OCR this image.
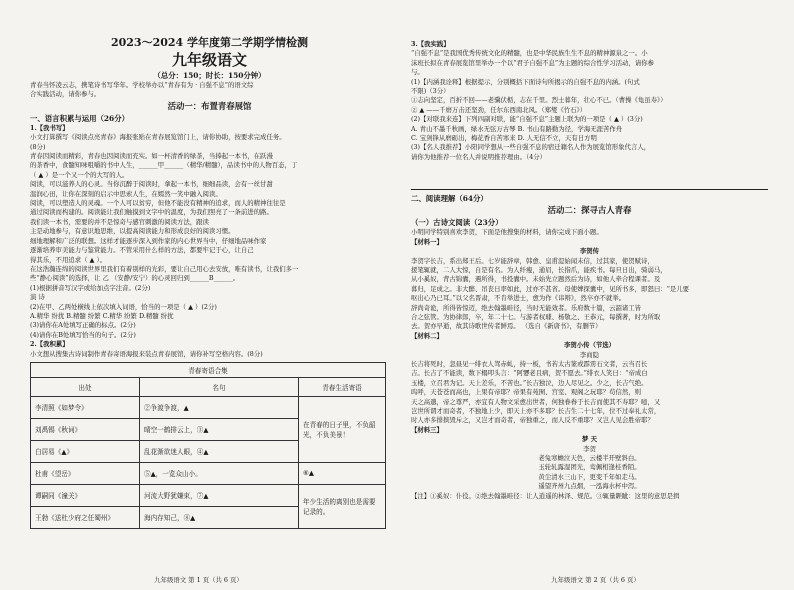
2023～2024 学年度第二学期学情检测
九年级语文
（总分：150；时长：150分钟）
青春当怀凌云志，携笔诗书写华年。学校举办以“青春有为 · 自强不息”的语文综
合实践活动，请你参与。
活动一：布置青春展馆
一、语言积累与运用（26分）
1.【我书写】
小文打算撰写《阅读点亮青春》海报张贴在青春展览馆门上，请你协助，按要求完成任务。
(8分)
青春因阅读而精彩，青春也因阅读而充实。如一杯清香的绿茶，当捧起一本书，在跃漫
的茶香中，食髓知味咀嚼的书中人生，______甲______（精华/精髓），品读书中的人物百态，丁
（ ▲ ）是一个又一个的大写的人。
阅读，可以滋养人的心灵。当你沉醉于阅读时，拿起一本书，细细品读，会有一丝甘甜
温润心田，让你在深刻的启示中思索人生，在嫣然一笑中融入阅读。
阅读，可以塑造人的灵魂。一个人可以贫穷，但他不能没有精神的追求，而人的精神往往是
通过阅读而构建的。阅读能让我们触摸到文字中的温度，为我们照亮了一条前进的路。
我们读一本书，需要的并不是惊奇与感官刺激的阅读方法，跟读
主是动地参与，有意识地思维，以提高阅读能力和形成良好的阅读习惯。
细地理解和广泛的联想。这样才能逐步深入到作家的内心世界当中，仔细地品味作家
逐渐培养审美能力与鉴赏能力。不管采用什么样的方法，都要牢记于心，让自己
得其乐，不用追求（ ▲ ）。
在这浩瀚连绵的阅读世界里我们有着别样的光彩，要让自己用心去安放，唯有读书，让我们多一
些“静心阅读”的选择，让 乙 （安静/安宁）的心灵回归到______B______。
(1)根据拼音写汉字或给加点字注音。(2分)
演 诗
(2)在甲、乙两处横线上依次填入词语，恰当的一项是（ ▲ ）(2分)
A.精华 纷扰 B.精髓 纷繁 C.精华 纷繁 D.精髓 纷扰
(3)请你在A处填写正确的标点。(2分)
(4)请你在B处填写恰当的句子。(2分)
2.【我积累】
小文想从搜集古诗词制作青春寄语海报来装点青春展馆，请你补写空格内容。(8分)
青春寄语合集		
出处	名句	青春生活寄语
李清照《如梦令》	②争渡争渡，▲	在青春的日子里，不负韶光，不负美景！
刘禹锡《秋词》	晴空一鹤排云上，③▲	
白居易《▲》	乱花渐欲迷人眼，④▲	
杜甫《望岳》	⑤▲，一览众山小。	⑥▲
谭嗣同《潼关》	河流大野犹嫌束，⑦▲	年少生活的离别也是需要记录的。
王勃《送杜少府之任蜀州》	海内存知己，⑧▲	
九年级语文 第 1 页（共 6 页）
3.【我实践】
“自强不息”是我国优秀传统文化的精髓，也是中华民族生生不息的精神源泉之一。小
沫班长拟在青春展览馆里举办一个以“君子自强不息”为主题的综合性学习活动，请你参
与。
(1)【内涵我诠释】根据提示，分别概括下面诗句所揭示的自强不息的内涵。(句式
不限)（3分）
①志向坚定，百折不回——老骥伏枥，志在千里。烈士暮年，壮心不已。（曹操《龟虽寿》）
② ▲ ——千磨万击还坚劲，任尔东西南北风。（郑燮《竹石》）
(2)【对联我来连】下列四副对联，能“自强不息”主题上联为的一项是（ ▲ ）(3分)
A. 青山不墨千秋画，绿水无弦万古琴 B. 书山有路勤为径，学海无涯苦作舟
C. 宝剑锋从磨砺出，梅花香自苦寒来 D. 人无信不立，天有日方明
(3)【名人我推荐】小阳同学想从一些自强不息的宿迁籍名人作为展览馆形象代言人，
请你为他推荐一位名人并说明推荐理由。（4分）
二、阅读理解（64分）
活动二：探寻古人青春
（一）古诗文阅读（23分）
小明同学特别喜欢李贺，下面是他搜集的材料，请你完成下面小题。
【材料一】
李贺传
李贺字长吉，系出郑王后。七岁能辞章，韩愈、皇甫湜始闻未信，过其家，使贺赋诗，
援笔辄就，二人大惊，自是有名。为人纤瘦，通眉，长指爪，能疾书。每旦日出，骑弱马，
从小奚奴，背古锦囊，遇所得，书投囊中。未始先立题然后为诗，如他人牵合程课者。及
暮归，足成之。非大醉、吊丧日率如此，过亦不甚省。母使婢探囊中，见所书多，即怒曰：“是儿要
呕出心乃已耳。”以父名晋肃，不肯举进士，愈为作《讳辩》，然卒亦不就举。
辞尚奇诡，所得皆惊迈，绝去翰墨畦径，当时无能效者。乐府数十篇，云韶诸工皆
合之弦管。为协律郎，卒，年二十七。与游者权璩、杨敬之、王恭元，每撰著，时为所取
去。贺亦早逝，故其诗歌世传者鲜焉。 （选自《新唐书》，有删节）
【材料二】
李贺小传（节选）
李商隐
长吉将死时，忽昼见一绯衣人驾赤虬，持一板，书若太古篆或霹雳石文者，云当召长
吉。长吉了不能读，数下榻叩头言：“阿㜷老且病，贺不愿去。”绯衣人笑曰：“帝成白
玉楼，立召君为记。天上差乐，不苦也。”长吉独泣，边人尽见之。少之，长吉气绝。
呜呼，天苍苍而高也，上果有帝耶？帝果有苑囿、宫室、观阁之玩耶？苟信然，则
天之高邈，帝之尊严，亦宜有人物文采愈出世者，何独眷眷于长吉而使其不寿耶？噫，又
岂世所谓才而奇者，不独地上少，即天上亦不多耶？长吉生二十七年，位不过奉礼太常，
时人亦多排摈毁斥之，又岂才而奇者，帝独重之，而人反不重耶？又岂人见会胜帝耶？
【材料三】
梦 天
李贺
老兔寒蟾泣天色，云楼半开壁斜白。
玉轮轧露湿团光，鸾佩相逢桂香陌。
黄尘清水三山下，更变千年如走马。
遥望齐州九点烟，一泓海水杯中泻。
【注】①奚奴：仆役。②绝去翰墨畦径：让人逍遥的林泽、规范。③辄量睚眦：这里的意思是揖
九年级语文 第 2 页（共 6 页）
